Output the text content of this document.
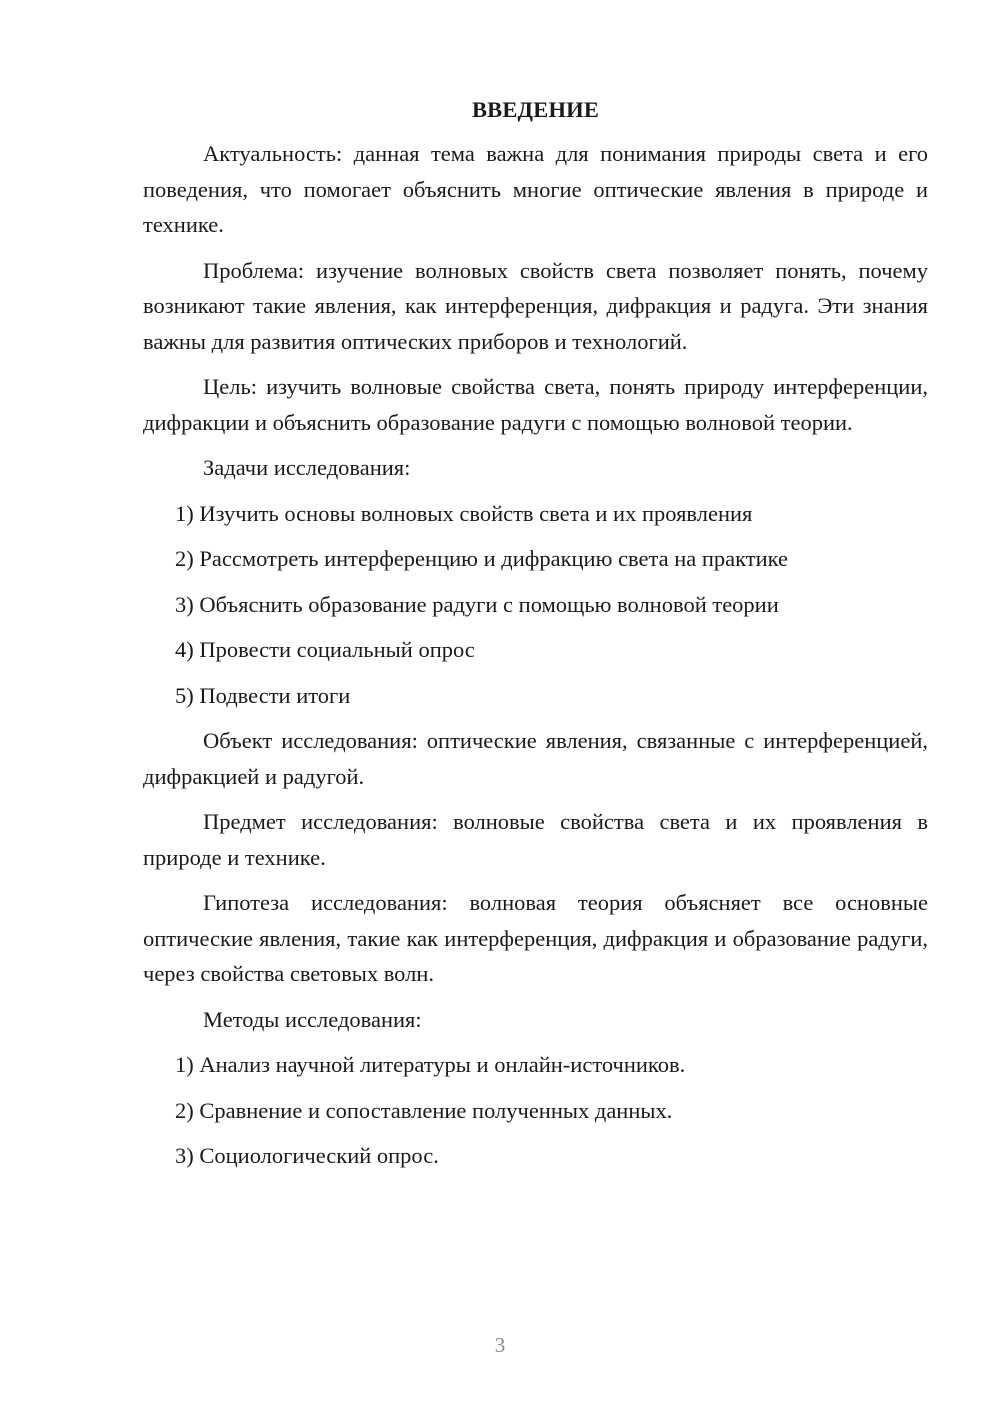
ВВЕДЕНИЕ

Актуальность: данная тема важна для понимания природы света и его поведения, что помогает объяснить многие оптические явления в природе и технике.

Проблема: изучение волновых свойств света позволяет понять, почему возникают такие явления, как интерференция, дифракция и радуга. Эти знания важны для развития оптических приборов и технологий.

Цель: изучить волновые свойства света, понять природу интерференции, дифракции и объяснить образование радуги с помощью волновой теории.

Задачи исследования:

1) Изучить основы волновых свойств света и их проявления
2) Рассмотреть интерференцию и дифракцию света на практике
3) Объяснить образование радуги с помощью волновой теории
4) Провести социальный опрос
5) Подвести итоги

Объект исследования: оптические явления, связанные с интерференцией, дифракцией и радугой.

Предмет исследования: волновые свойства света и их проявления в природе и технике.

Гипотеза исследования: волновая теория объясняет все основные оптические явления, такие как интерференция, дифракция и образование радуги, через свойства световых волн.

Методы исследования:

1) Анализ научной литературы и онлайн-источников.
2) Сравнение и сопоставление полученных данных.
3) Социологический опрос.
3
